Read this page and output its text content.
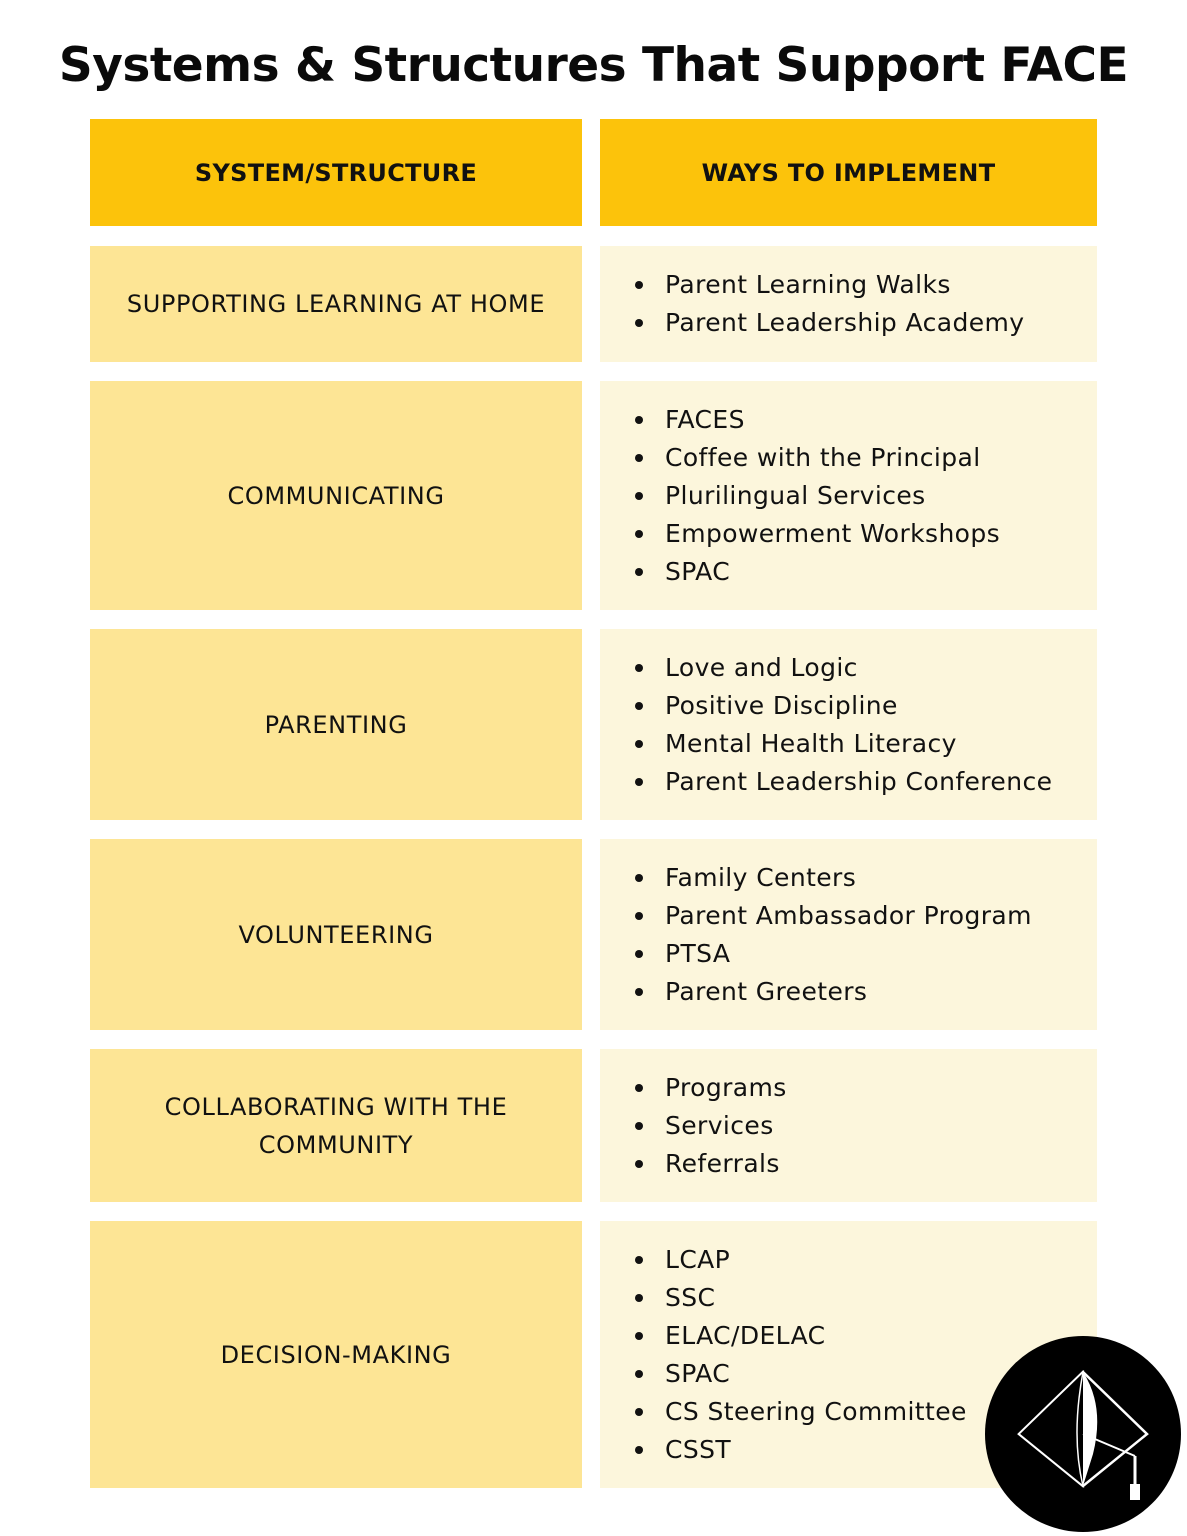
Systems & Structures That Support FACE
SYSTEM/STRUCTURE	WAYS TO IMPLEMENT
SUPPORTING LEARNING AT HOME
Parent Learning Walks
Parent Leadership Academy
COMMUNICATING
FACES
Coffee with the Principal
Plurilingual Services
Empowerment Workshops
SPAC
PARENTING
Love and Logic
Positive Discipline
Mental Health Literacy
Parent Leadership Conference
VOLUNTEERING
Family Centers
Parent Ambassador Program
PTSA
Parent Greeters
COLLABORATING WITH THE COMMUNITY
Programs
Services
Referrals
DECISION-MAKING
LCAP
SSC
ELAC/DELAC
SPAC
CS Steering Committee
CSST
